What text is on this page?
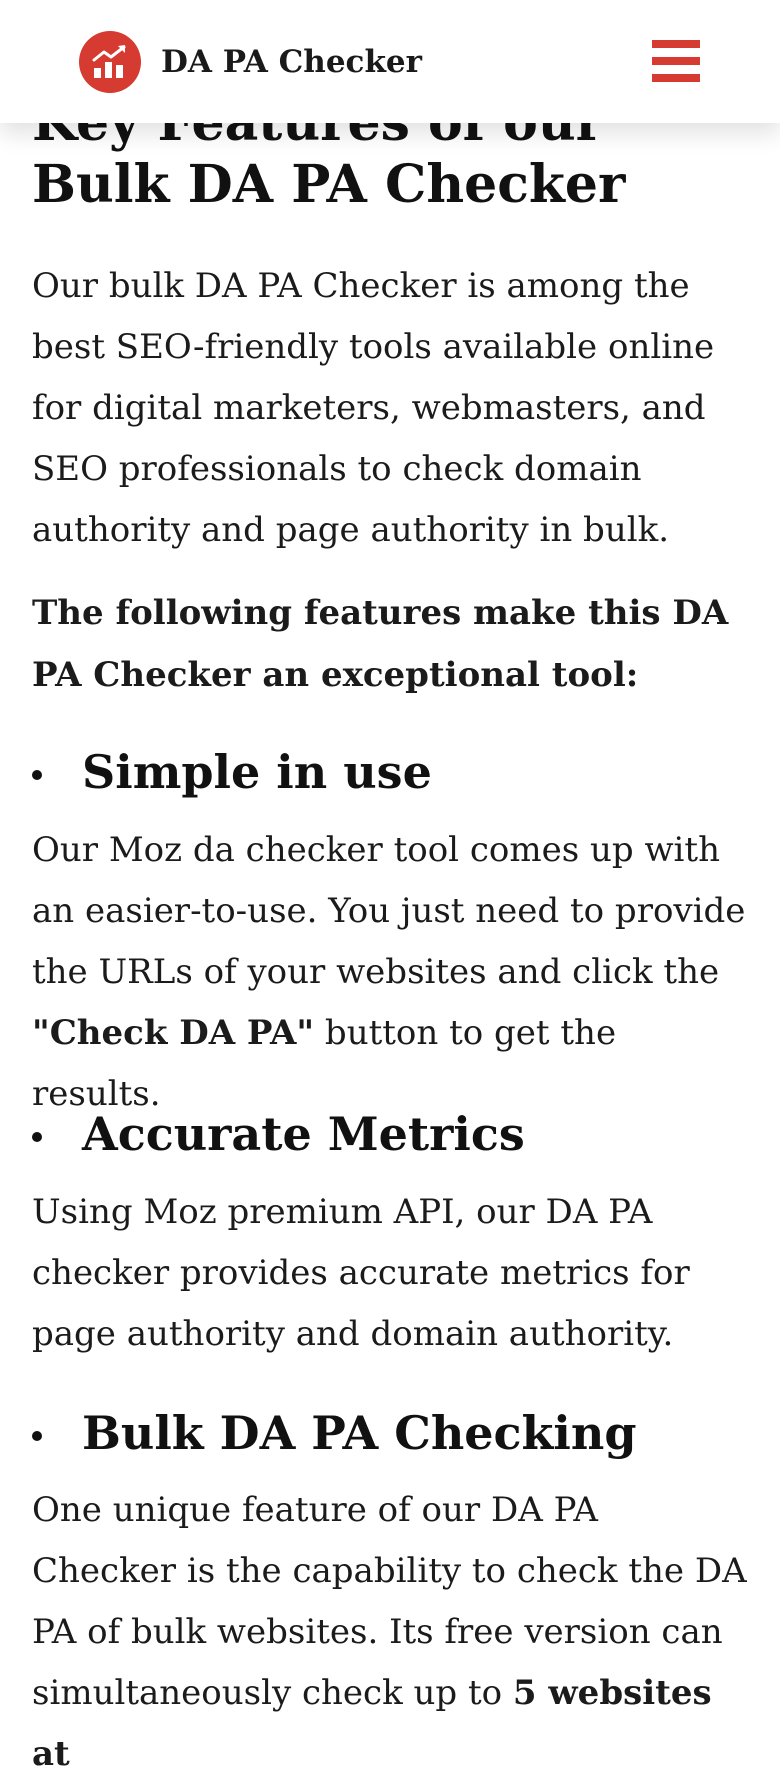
DA PA Checker
Bulk DA PA Checker

Our bulk DA PA Checker is among the best SEO-friendly tools available online for digital marketers, webmasters, and SEO professionals to check domain authority and page authority in bulk.

The following features make this DA PA Checker an exceptional tool:

Simple in use

Our Moz da checker tool comes up with an easier-to-use. You just need to provide the URLs of your websites and click the "Check DA PA" button to get the results.

Accurate Metrics

Using Moz premium API, our DA PA checker provides accurate metrics for page authority and domain authority.

Bulk DA PA Checking

One unique feature of our DA PA Checker is the capability to check the DA PA of bulk websites. Its free version can simultaneously check up to 5 websites at
